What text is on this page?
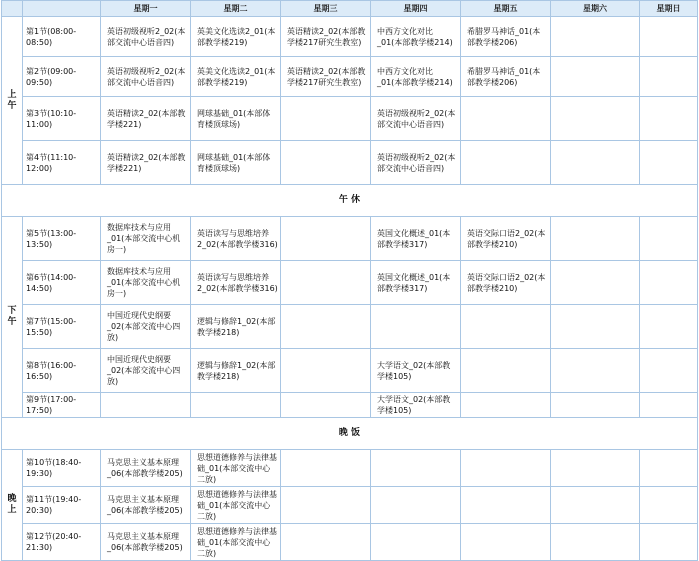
		星期一	星期二	星期三	星期四	星期五	星期六	星期日

上
午	第1节(08:00-08:50)	英语初级视听2_02(本部交流中心语音四)	英美文化选读2_01(本部教学楼219)	英语精读2_02(本部教学楼217研究生教室)	中西方文化对比_01(本部教学楼214)	希腊罗马神话_01(本部教学楼206)		

	第2节(09:00-09:50)	英语初级视听2_02(本部交流中心语音四)	英美文化选读2_01(本部教学楼219)	英语精读2_02(本部教学楼217研究生教室)	中西方文化对比_01(本部教学楼214)	希腊罗马神话_01(本部教学楼206)		

	第3节(10:10-11:00)	英语精读2_02(本部教学楼221)	网球基础_01(本部体育楼顶球场)		英语初级视听2_02(本部交流中心语音四)			

	第4节(11:10-12:00)	英语精读2_02(本部教学楼221)	网球基础_01(本部体育楼顶球场)		英语初级视听2_02(本部交流中心语音四)			

午 休								

下
午	第5节(13:00-13:50)	数据库技术与应用_01(本部交流中心机房一)	英语读写与思维培养2_02(本部教学楼316)		英国文化概述_01(本部教学楼317)	英语交际口语2_02(本部教学楼210)		

	第6节(14:00-14:50)	数据库技术与应用_01(本部交流中心机房一)	英语读写与思维培养2_02(本部教学楼316)		英国文化概述_01(本部教学楼317)	英语交际口语2_02(本部教学楼210)		

	第7节(15:00-15:50)	中国近现代史纲要_02(本部交流中心四放)	逻辑与修辞1_02(本部教学楼218)					

	第8节(16:00-16:50)	中国近现代史纲要_02(本部交流中心四放)	逻辑与修辞1_02(本部教学楼218)		大学语文_02(本部教学楼105)			

	第9节(17:00-17:50)				大学语文_02(本部教学楼105)			

晚 饭								

晚
上	第10节(18:40-19:30)	马克思主义基本原理_06(本部教学楼205)	思想道德修养与法律基础_01(本部交流中心二放)					

	第11节(19:40-20:30)	马克思主义基本原理_06(本部教学楼205)	思想道德修养与法律基础_01(本部交流中心二放)					

	第12节(20:40-21:30)	马克思主义基本原理_06(本部教学楼205)	思想道德修养与法律基础_01(本部交流中心二放)					
